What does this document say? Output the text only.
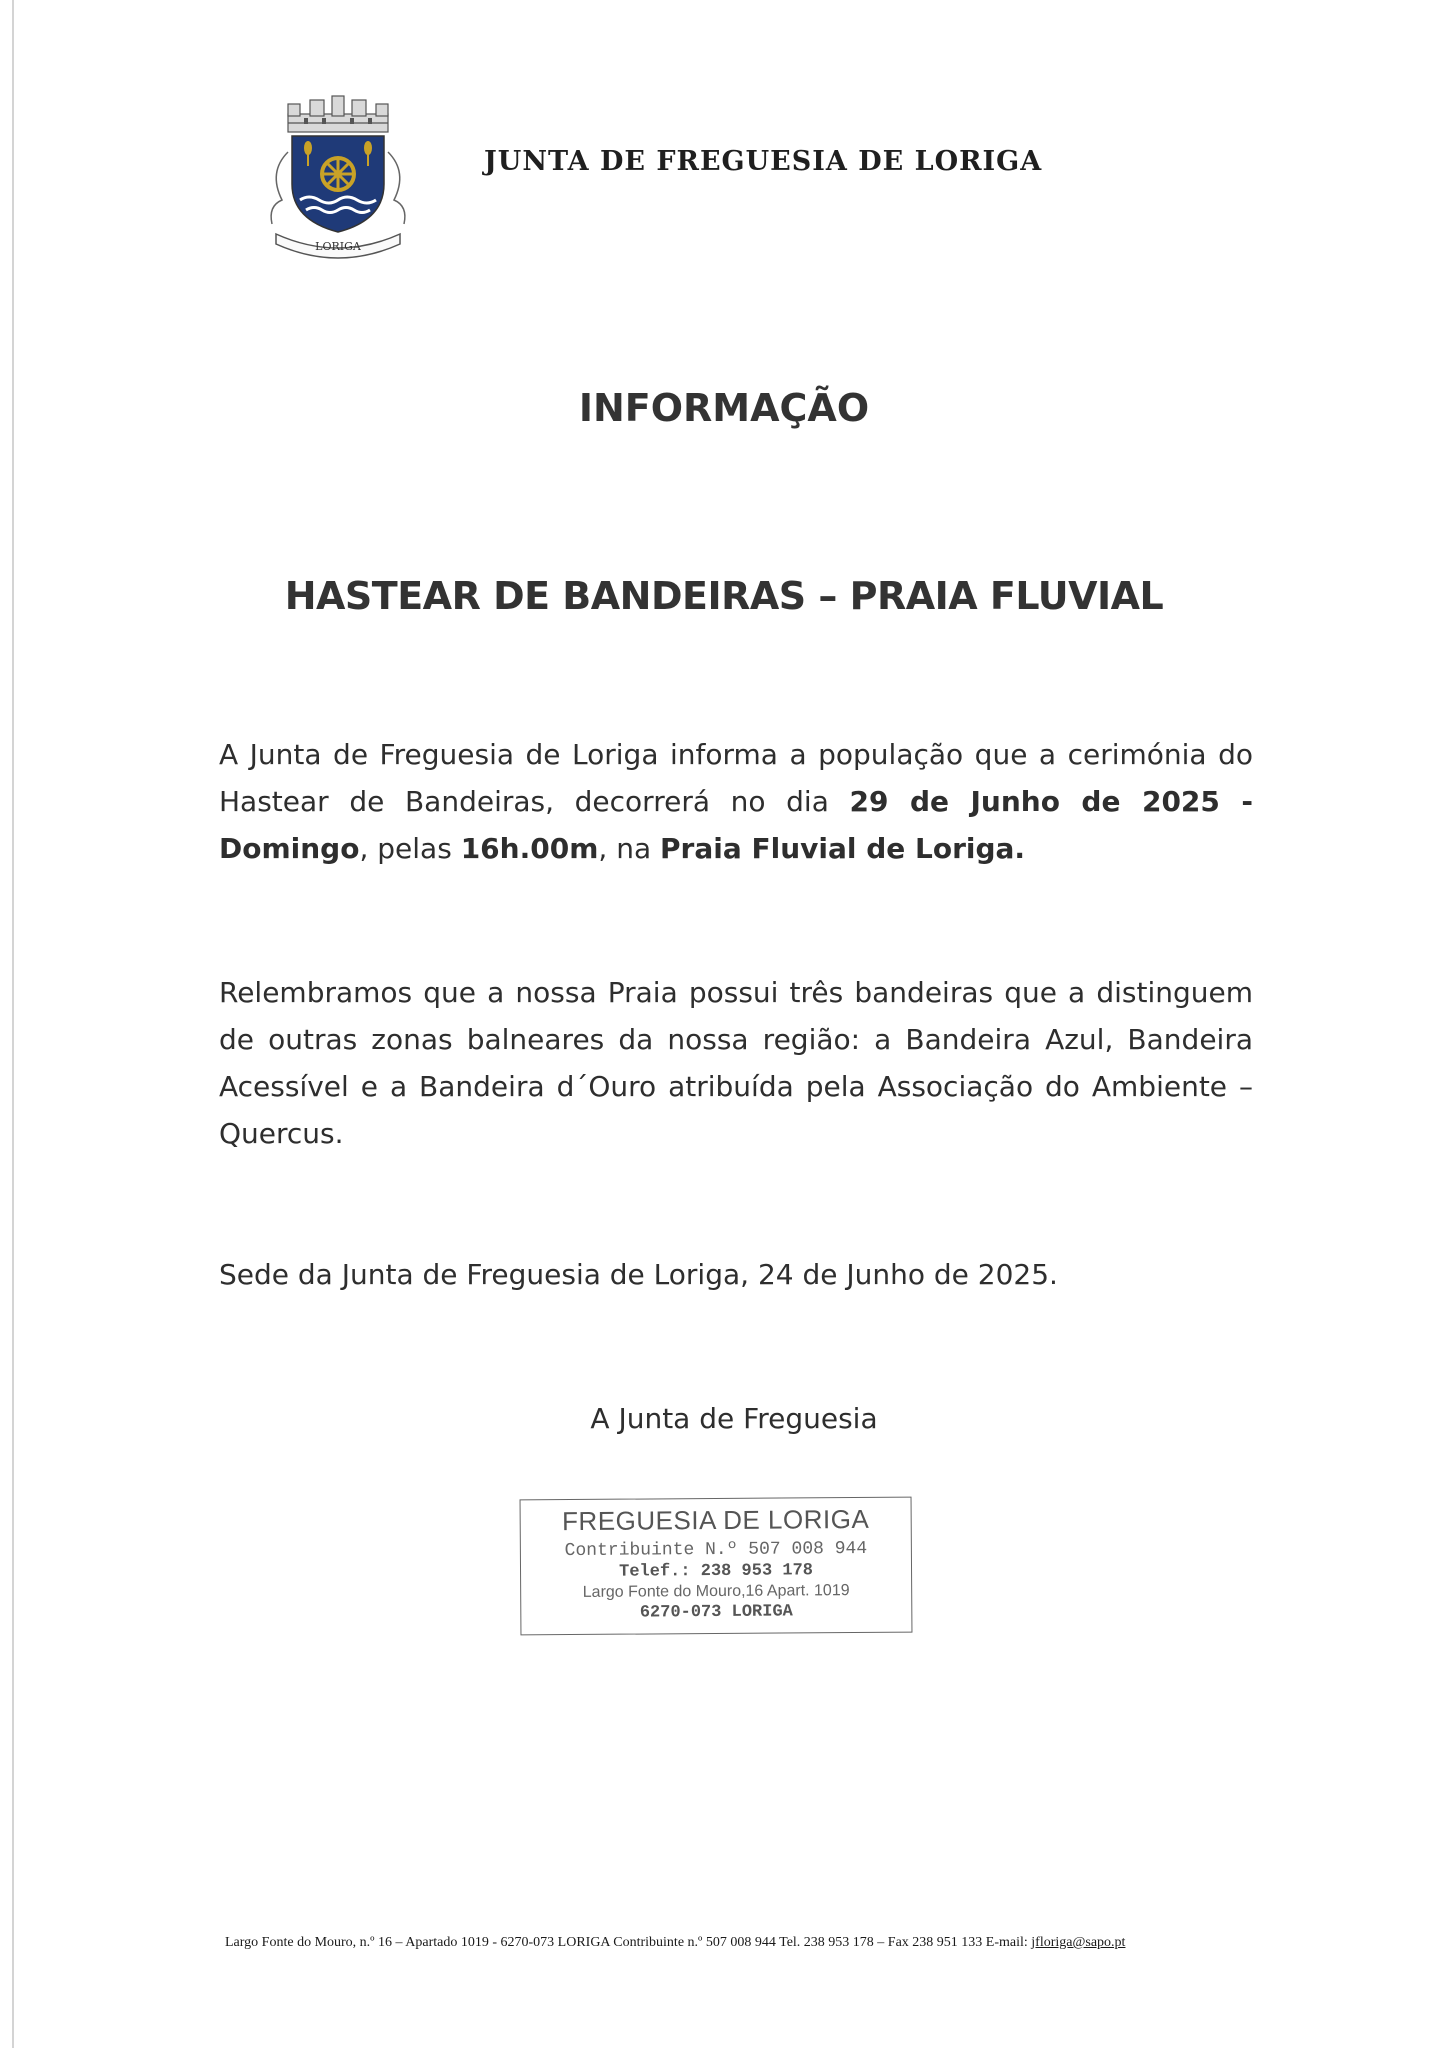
LORIGA
JUNTA DE FREGUESIA DE LORIGA
INFORMAÇÃO
HASTEAR DE BANDEIRAS – PRAIA FLUVIAL
A Junta de Freguesia de Loriga informa a população que a cerimónia do Hastear de Bandeiras, decorrerá no dia 29 de Junho de 2025 - Domingo, pelas 16h.00m, na Praia Fluvial de Loriga.
Relembramos que a nossa Praia possui três bandeiras que a distinguem de outras zonas balneares da nossa região: a Bandeira Azul, Bandeira Acessível e a Bandeira d´Ouro atribuída pela Associação do Ambiente – Quercus.
Sede da Junta de Freguesia de Loriga, 24 de Junho de 2025.
A Junta de Freguesia
FREGUESIA DE LORIGA
Contribuinte N.º 507 008 944
Telef.: 238 953 178
Largo Fonte do Mouro,16 Apart. 1019
6270-073 LORIGA
Largo Fonte do Mouro, n.º 16 – Apartado 1019 - 6270-073 LORIGA Contribuinte n.º 507 008 944 Tel. 238 953 178 – Fax 238 951 133 E-mail: jfloriga@sapo.pt
